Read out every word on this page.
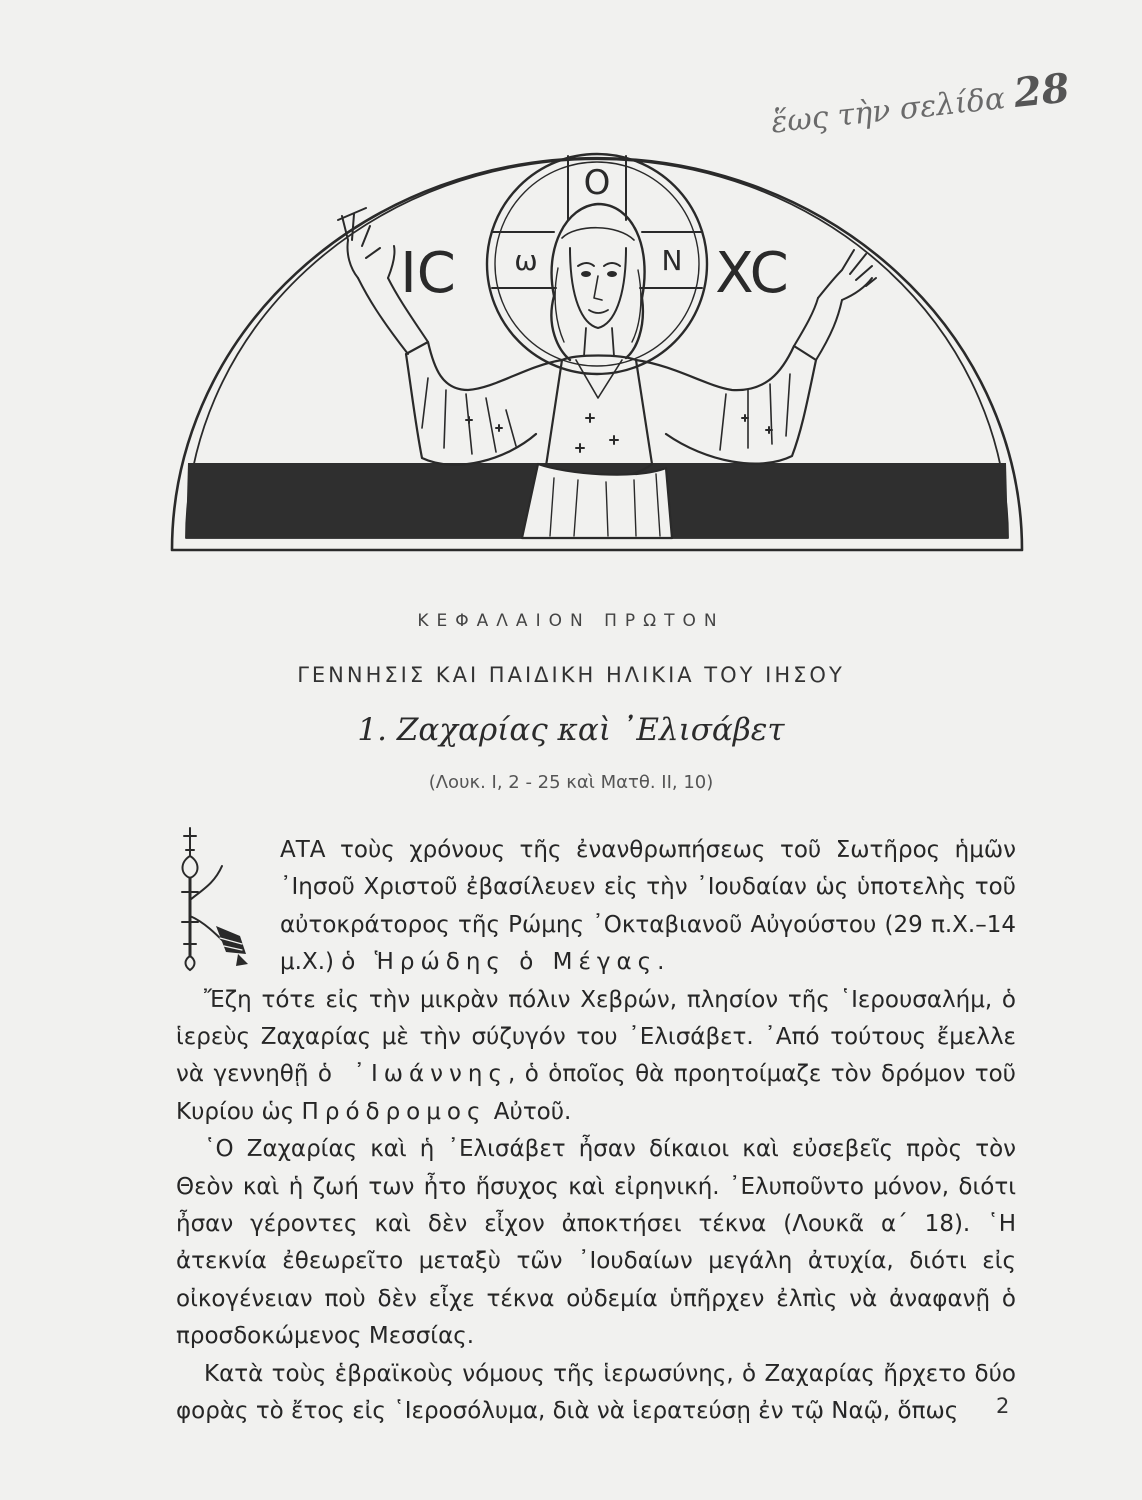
ἕως τὴν σελίδα 28
O
ω	N
IC	XC
ΚΕΦΑΛΑΙΟΝ ΠΡΩΤΟΝ
ΓΕΝΝΗΣΙΣ ΚΑΙ ΠΑΙΔΙΚΗ ΗΛΙΚΙΑ ΤΟΥ ΙΗΣΟΥ
1. Ζαχαρίας καὶ ᾿Ελισάβετ
(Λουκ. Ι, 2 - 25 καὶ Ματθ. ΙΙ, 10)

ΑΤΑ τοὺς χρόνους τῆς ἐνανθρωπήσεως τοῦ Σωτῆρος ἡμῶν ᾿Ιησοῦ Χριστοῦ ἐβασίλευεν εἰς τὴν ᾿Ιουδαίαν ὡς ὑποτελὴς τοῦ αὐτοκράτορος τῆς Ρώμης ᾿Οκταβιανοῦ Αὐγούστου (29 π.Χ.–14 μ.Χ.) ὁ Ἡρώδης ὁ Μέγας.

Ἔζη τότε εἰς τὴν μικρὰν πόλιν Χεβρών, πλησίον τῆς ῾Ιερουσαλήμ, ὁ ἱερεὺς Ζαχαρίας μὲ τὴν σύζυγόν του ᾿Ελισάβετ. ᾿Από τούτους ἔμελλε νὰ γεννηθῇ ὁ ᾿Ιωάννης, ὁ ὁποῖος θὰ προητοίμαζε τὸν δρόμον τοῦ Κυρίου ὡς Πρόδρομος Αὐτοῦ.

῾Ο Ζαχαρίας καὶ ἡ ᾿Ελισάβετ ἦσαν δίκαιοι καὶ εὐσεβεῖς πρὸς τὸν Θεὸν καὶ ἡ ζωή των ἦτο ἥσυχος καὶ εἰρηνική. ᾿Ελυποῦντο μόνον, διότι ἦσαν γέροντες καὶ δὲν εἶχον ἀποκτήσει τέκνα (Λουκᾶ α΄ 18). ῾Η ἀτεκνία ἐθεωρεῖτο μεταξὺ τῶν ᾿Ιουδαίων μεγάλη ἀτυχία, διότι εἰς οἰκογένειαν ποὺ δὲν εἶχε τέκνα οὐδεμία ὑπῆρχεν ἐλπὶς νὰ ἀναφανῇ ὁ προσδοκώμενος Μεσσίας.

Κατὰ τοὺς ἑβραϊκοὺς νόμους τῆς ἱερωσύνης, ὁ Ζαχαρίας ἤρχετο δύο φορὰς τὸ ἔτος εἰς ῾Ιεροσόλυμα, διὰ νὰ ἱερατεύσῃ ἐν τῷ Ναῷ, ὅπως	2
